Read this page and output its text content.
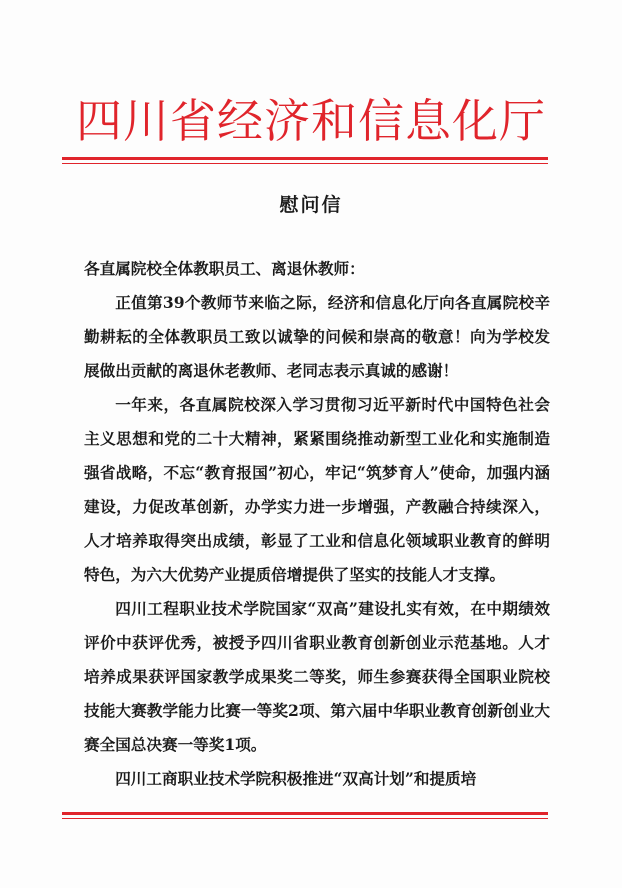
四川省经济和信息化厅
慰问信

各直属院校全体教职员工、离退休教师：

正值第39个教师节来临之际，经济和信息化厅向各直属院校辛勤耕耘的全体教职员工致以诚挚的问候和崇高的敬意！向为学校发展做出贡献的离退休老教师、老同志表示真诚的感谢！

一年来，各直属院校深入学习贯彻习近平新时代中国特色社会主义思想和党的二十大精神，紧紧围绕推动新型工业化和实施制造强省战略，不忘“教育报国”初心，牢记“筑梦育人”使命，加强内涵建设，力促改革创新，办学实力进一步增强，产教融合持续深入，人才培养取得突出成绩，彰显了工业和信息化领域职业教育的鲜明特色，为六大优势产业提质倍增提供了坚实的技能人才支撑。

四川工程职业技术学院国家“双高”建设扎实有效，在中期绩效评价中获评优秀，被授予四川省职业教育创新创业示范基地。人才培养成果获评国家教学成果奖二等奖，师生参赛获得全国职业院校技能大赛教学能力比赛一等奖2项、第六届中华职业教育创新创业大赛全国总决赛一等奖1项。

四川工商职业技术学院积极推进“双高计划”和提质培
